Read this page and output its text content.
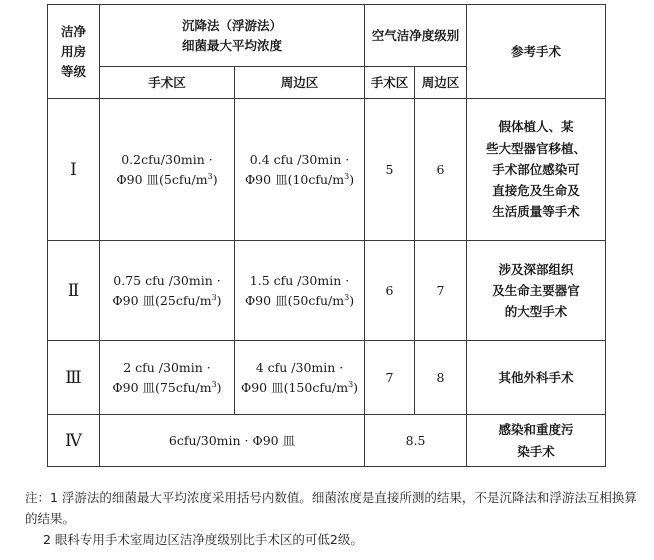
洁净
用房
等级	沉降法（浮游法）
细菌最大平均浓度		空气洁净度级别		参考手术
	手术区	周边区	手术区	周边区	
Ⅰ	0.2cfu/30min ·
Φ90 皿$(5cfu/m^3)$	0.4 cfu /30min ·
Φ90 皿$(10cfu/m^3)$	5	6	假体植人、某
些大型器官移植、
手术部位感染可
直接危及生命及
生活质量等手术

Ⅱ	0.75 cfu /30min ·
Φ90 皿$(25cfu/m^3)$	1.5 cfu /30min ·
Φ90 皿$(50cfu/m^3)$	6	7	涉及深部组织
及生命主要器官
的大型手术

Ⅲ	2 cfu /30min ·
Φ90 皿$(75cfu/m^3)$	4 cfu /30min ·
Φ90 皿$(150cfu/m^3)$	7	8	其他外科手术

Ⅳ	6cfu/30min · Φ90 皿		8.5		感染和重度污
染手术

注：1 浮游法的细菌最大平均浓度采用括号内数值。细菌浓度是直接所测的结果，不是沉降法和浮游法互相换算的结果。

2 眼科专用手术室周边区洁净度级别比手术区的可低2级。
